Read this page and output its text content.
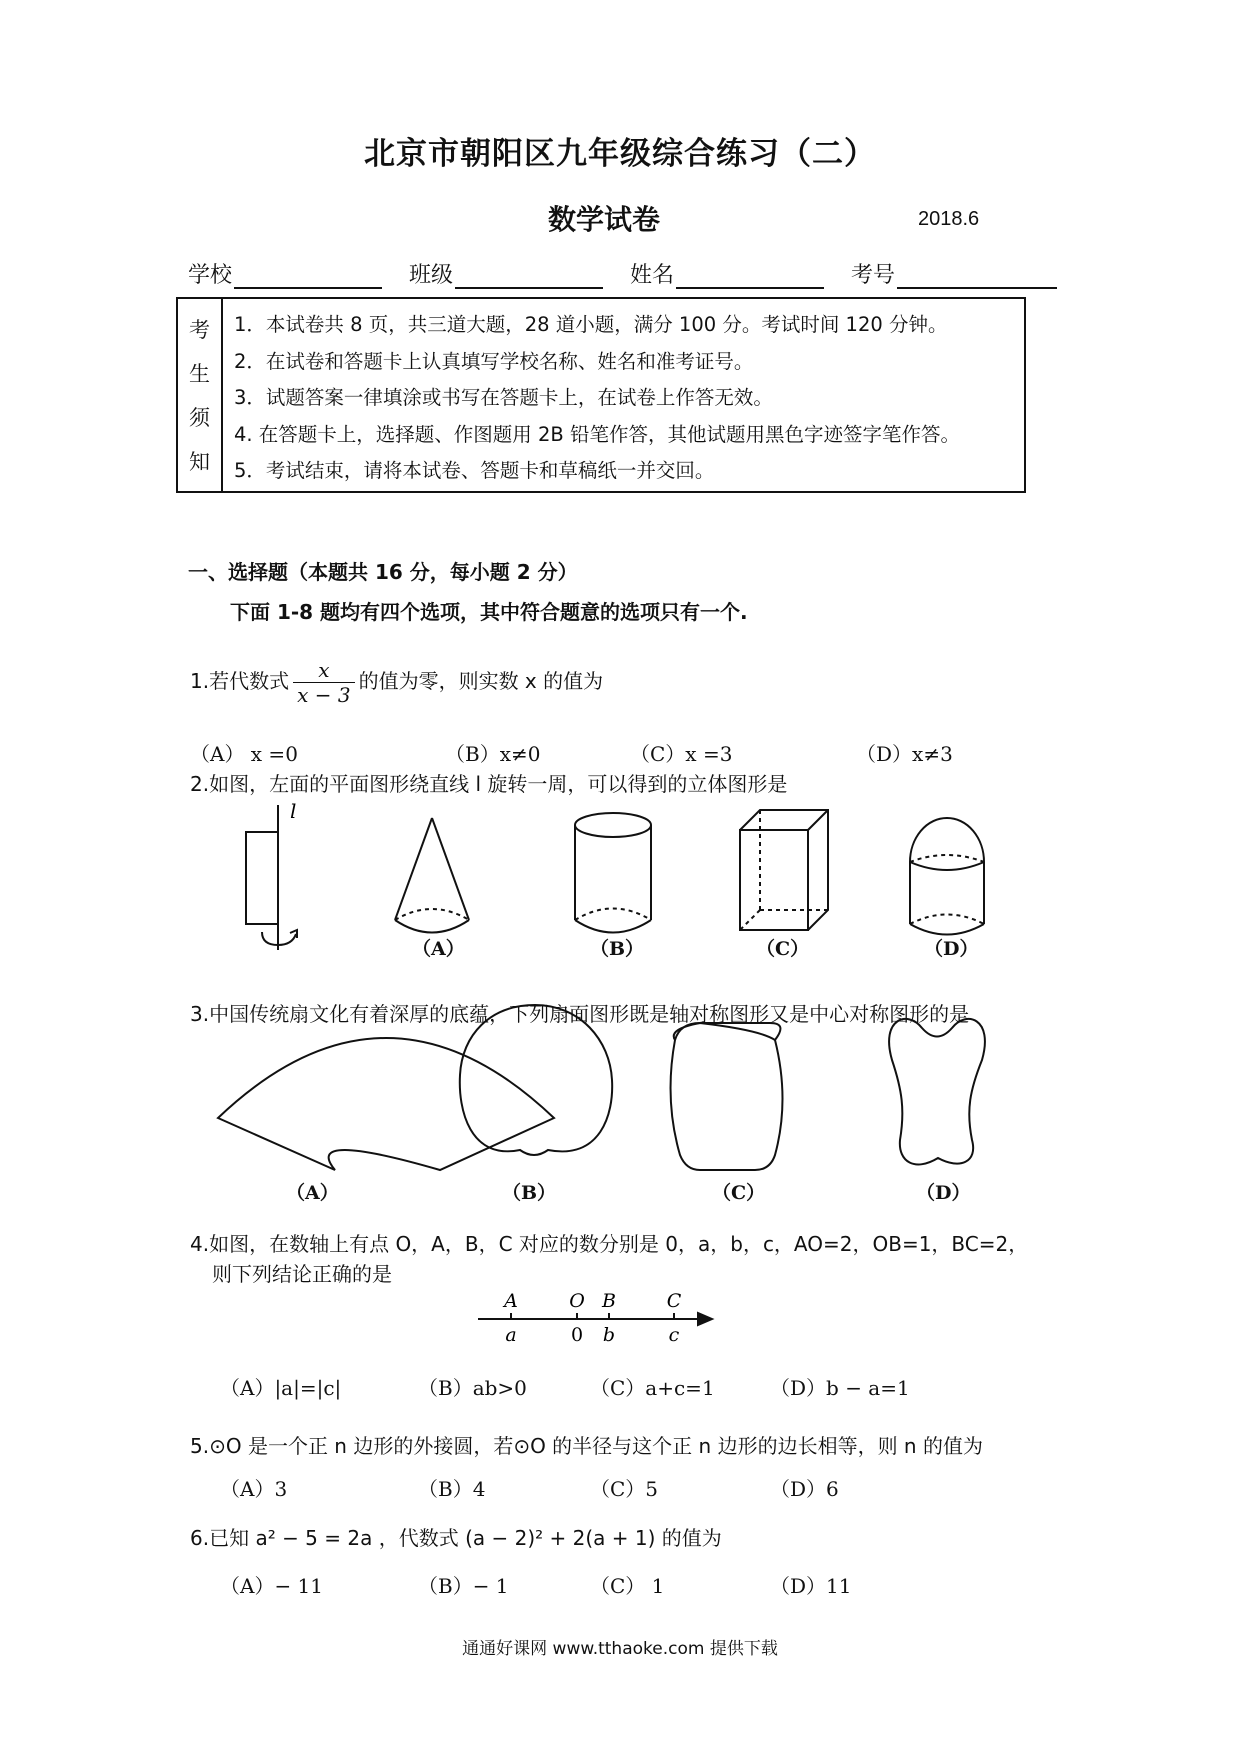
北京市朝阳区九年级综合练习（二）
数学试卷	2018.6
学校	班级	姓名	考号
考
生
须
知
1．本试卷共 8 页，共三道大题，28 道小题，满分 100 分。考试时间 120 分钟。
2．在试卷和答题卡上认真填写学校名称、姓名和准考证号。
3．试题答案一律填涂或书写在答题卡上，在试卷上作答无效。
4. 在答题卡上，选择题、作图题用 2B 铅笔作答，其他试题用黑色字迹签字笔作答。
5．考试结束，请将本试卷、答题卡和草稿纸一并交回。
一、选择题（本题共 16 分，每小题 2 分）
下面 1-8 题均有四个选项，其中符合题意的选项只有一个.
1.若代数式 $\frac{x}{x - 3}$ 的值为零，则实数 x 的值为
（A） x =0	（B）x≠0	（C）x =3	（D）x≠3
2.如图，左面的平面图形绕直线 l 旋转一周，可以得到的立体图形是
l
A	O B	C
a	0 b	c
（A）	（B）	（C）	（D）
3.中国传统扇文化有着深厚的底蕴，下列扇面图形既是轴对称图形又是中心对称图形的是
（A）	（B）	（C）	（D）
4.如图，在数轴上有点 O，A，B，C 对应的数分别是 0，a，b，c，AO=2，OB=1，BC=2，
则下列结论正确的是
（A）|a|=|c|	（B）ab>0	（C）a+c=1	（D）b − a=1
5.⊙O 是一个正 n 边形的外接圆，若⊙O 的半径与这个正 n 边形的边长相等，则 n 的值为
（A）3	（B）4	（C）5	（D）6
6.已知 a² − 5 = 2a ，代数式 (a − 2)² + 2(a + 1) 的值为
（A）− 11	（B）− 1	（C） 1	（D）11
通通好课网 www.tthaoke.com 提供下载
